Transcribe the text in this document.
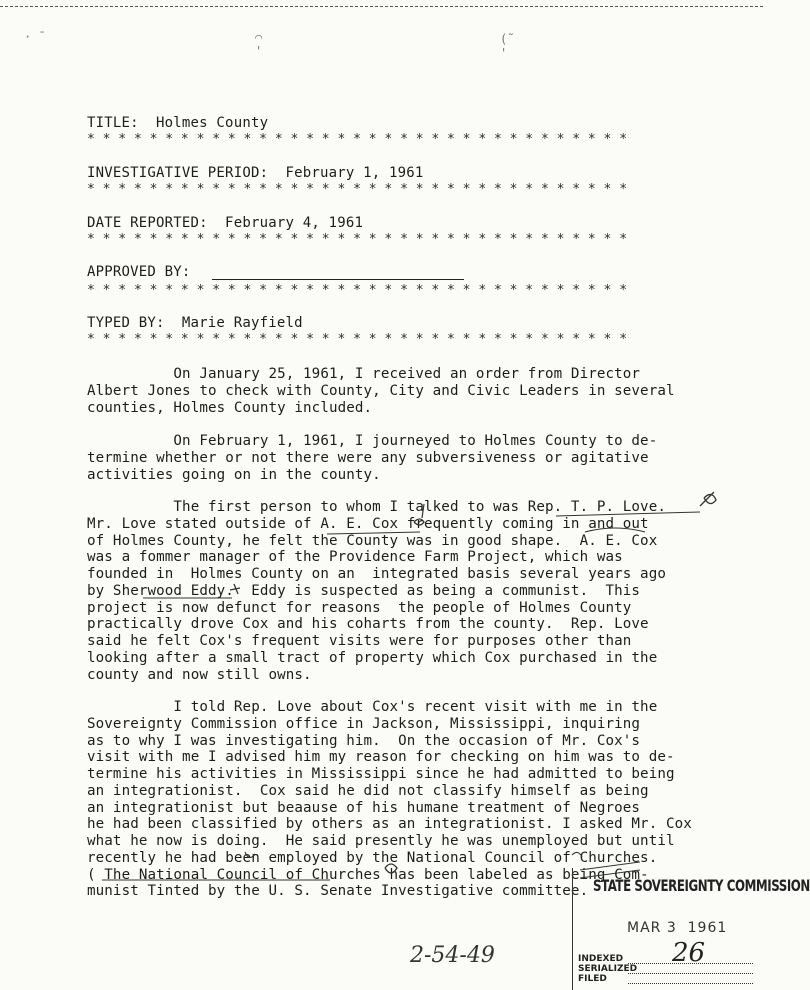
· ˉ	⌒
'
(˜
'
TITLE:  Holmes County
* * * * * * * * * * * * * * * * * * * * * * * * * * * * * * * * * * *
INVESTIGATIVE PERIOD:  February 1, 1961
* * * * * * * * * * * * * * * * * * * * * * * * * * * * * * * * * * *
DATE REPORTED:  February 4, 1961
* * * * * * * * * * * * * * * * * * * * * * * * * * * * * * * * * * *
APPROVED BY:
* * * * * * * * * * * * * * * * * * * * * * * * * * * * * * * * * * *
TYPED BY:  Marie Rayfield
* * * * * * * * * * * * * * * * * * * * * * * * * * * * * * * * * * *
On January 25, 1961, I received an order from Director
Albert Jones to check with County, City and Civic Leaders in several
counties, Holmes County included.
On February 1, 1961, I journeyed to Holmes County to de-
termine whether or not there were any subversiveness or agitative
activities going on in the county.
The first person to whom I talked to was Rep. T. P. Love.
Mr. Love stated outside of A. E. Cox frequently coming in and out
of Holmes County, he felt the County was in good shape.  A. E. Cox
was a fommer manager of the Providence Farm Project, which was
founded in  Holmes County on an  integrated basis several years ago
by Sherwood Eddy.  Eddy is suspected as being a communist.  This
project is now defunct for reasons  the people of Holmes County
practically drove Cox and his coharts from the county.  Rep. Love
said he felt Cox's frequent visits were for purposes other than
looking after a small tract of property which Cox purchased in the
county and now still owns.
I told Rep. Love about Cox's recent visit with me in the
Sovereignty Commission office in Jackson, Mississippi, inquiring
as to why I was investigating him.  On the occasion of Mr. Cox's
visit with me I advised him my reason for checking on him was to de-
termine his activities in Mississippi since he had admitted to being
an integrationist.  Cox said he did not classify himself as being
an integrationist but beaause of his humane treatment of Negroes
he had been classified by others as an integrationist. I asked Mr. Cox
what he now is doing.  He said presently he was unemployed but until
recently he had been employed by the National Council of Churches.
( The National Council of Churches has been labeled as being Com-
munist Tinted by the U. S. Senate Investigative committee.
2-54-49
STATE SOVEREIGNTY COMMISSION
MAR 3  1961
INDEXED
SERIALIZED
FILED
26
